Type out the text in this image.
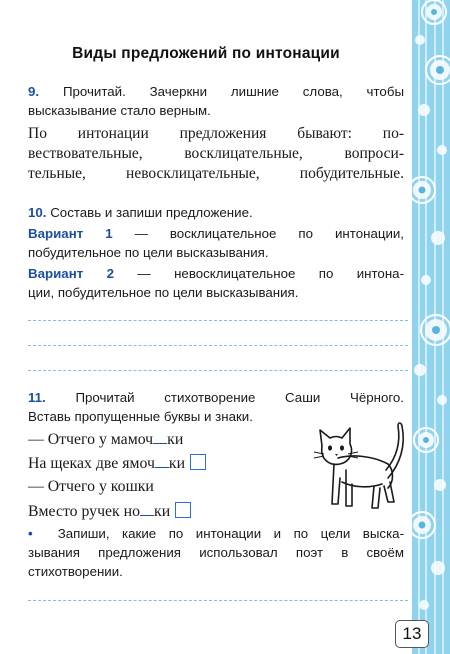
Виды предложений по интонации
9. Прочитай. Зачеркни лишние слова, чтобы
высказывание стало верным.
По интонации предложения бывают: по-
вествовательные, восклицательные, вопроси-
тельные, невосклицательные, побудительные.
10. Составь и запиши предложение.
Вариант 1 — восклицательное по интонации,
побудительное по цели высказывания.
Вариант 2 — невосклицательное по интона-
ции, побудительное по цели высказывания.
11. Прочитай стихотворение Саши Чёрного.
Вставь пропущенные буквы и знаки.
— Отчего у мамоч ки
На щеках две ямоч ки
— Отчего у кошки
Вместо ручек но ки
• Запиши, какие по интонации и по цели выска-
зывания предложения использовал поэт в своём
стихотворении.
13
